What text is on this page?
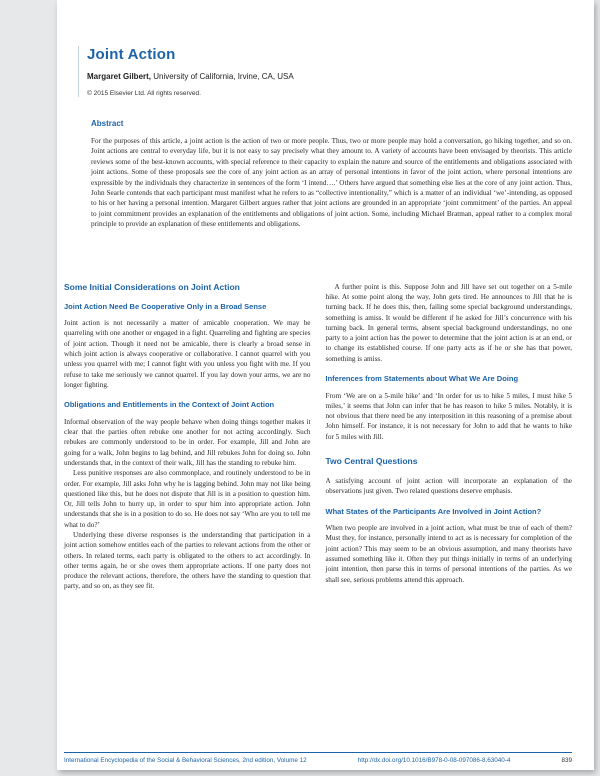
Joint Action

Margaret Gilbert, University of California, Irvine, CA, USA

© 2015 Elsevier Ltd. All rights reserved.

Abstract

For the purposes of this article, a joint action is the action of two or more people. Thus, two or more people may hold a conversation, go hiking together, and so on. Joint actions are central to everyday life, but it is not easy to say precisely what they amount to. A variety of accounts have been envisaged by theorists. This article reviews some of the best-known accounts, with special reference to their capacity to explain the nature and source of the entitlements and obligations associated with joint actions. Some of these proposals see the core of any joint action as an array of personal intentions in favor of the joint action, where personal intentions are expressible by the individuals they characterize in sentences of the form ‘I intend….’ Others have argued that something else lies at the core of any joint action. Thus, John Searle contends that each participant must manifest what he refers to as “collective intentionality,” which is a matter of an individual ‘we’-intending, as opposed to his or her having a personal intention. Margaret Gilbert argues rather that joint actions are grounded in an appropriate ‘joint commitment’ of the parties. An appeal to joint commitment provides an explanation of the entitlements and obligations of joint action. Some, including Michael Bratman, appeal rather to a complex moral principle to provide an explanation of these entitlements and obligations.

Some Initial Considerations on Joint Action
Joint Action Need Be Cooperative Only in a Broad Sense

Joint action is not necessarily a matter of amicable cooperation. We may be quarreling with one another or engaged in a fight. Quarreling and fighting are species of joint action. Though it need not be amicable, there is clearly a broad sense in which joint action is always cooperative or collaborative. I cannot quarrel with you unless you quarrel with me; I cannot fight with you unless you fight with me. If you refuse to take me seriously we cannot quarrel. If you lay down your arms, we are no longer fighting.

Obligations and Entitlements in the Context of Joint Action

Informal observation of the way people behave when doing things together makes it clear that the parties often rebuke one another for not acting accordingly. Such rebukes are commonly understood to be in order. For example, Jill and John are going for a walk, John begins to lag behind, and Jill rebukes John for doing so. John understands that, in the context of their walk, Jill has the standing to rebuke him.

Less punitive responses are also commonplace, and routinely understood to be in order. For example, Jill asks John why he is lagging behind. John may not like being questioned like this, but he does not dispute that Jill is in a position to question him. Or, Jill tells John to hurry up, in order to spur him into appropriate action. John understands that she is in a position to do so. He does not say ‘Who are you to tell me what to do?’

Underlying these diverse responses is the understanding that participation in a joint action somehow entitles each of the parties to relevant actions from the other or others. In related terms, each party is obligated to the others to act accordingly. In other terms again, he or she owes them appropriate actions. If one party does not produce the relevant actions, therefore, the others have the standing to question that party, and so on, as they see fit.

A further point is this. Suppose John and Jill have set out together on a 5-mile hike. At some point along the way, John gets tired. He announces to Jill that he is turning back. If he does this, then, failing some special background understandings, something is amiss. It would be different if he asked for Jill’s concurrence with his turning back. In general terms, absent special background understandings, no one party to a joint action has the power to determine that the joint action is at an end, or to change its established course. If one party acts as if he or she has that power, something is amiss.

Inferences from Statements about What We Are Doing

From ‘We are on a 5-mile hike’ and ‘In order for us to hike 5 miles, I must hike 5 miles,’ it seems that John can infer that he has reason to hike 5 miles. Notably, it is not obvious that there need be any interposition in this reasoning of a premise about John himself. For instance, it is not necessary for John to add that he wants to hike for 5 miles with Jill.

Two Central Questions

A satisfying account of joint action will incorporate an explanation of the observations just given. Two related questions deserve emphasis.

What States of the Participants Are Involved in Joint Action?

When two people are involved in a joint action, what must be true of each of them? Must they, for instance, personally intend to act as is necessary for completion of the joint action? This may seem to be an obvious assumption, and many theorists have assumed something like it. Often they put things initially in terms of an underlying joint intention, then parse this in terms of personal intentions of the parties. As we shall see, serious problems attend this approach.

International Encyclopedia of the Social & Behavioral Sciences, 2nd edition, Volume 12	http://dx.doi.org/10.1016/B978-0-08-097086-8.63040-4	839
